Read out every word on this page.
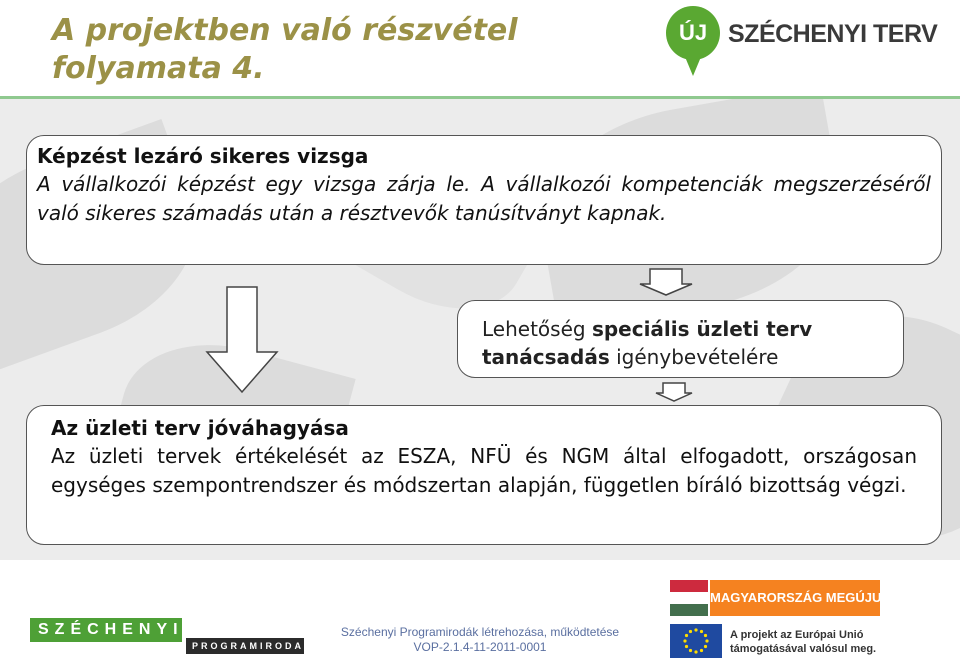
A projektben való részvétel
folyamata 4.
ÚJ SZÉCHENYI TERV
Képzést lezáró sikeres vizsga
A vállalkozói képzést egy vizsga zárja le. A vállalkozói kompetenciák megszerzéséről való sikeres számadás után a résztvevők tanúsítványt kapnak.
Lehetőség speciális üzleti terv tanácsadás igénybevételére
Az üzleti terv jóváhagyása
Az üzleti tervek értékelését az ESZA, NFÜ és NGM által elfogadott, országosan egységes szempontrendszer és módszertan alapján, független bíráló bizottság végzi.
SZÉCHENYI
PROGRAMIRODA
Széchenyi Programirodák létrehozása, működtetése
VOP-2.1.4-11-2011-0001
MAGYARORSZÁG MEGÚJUL
A projekt az Európai Unió
támogatásával valósul meg.
